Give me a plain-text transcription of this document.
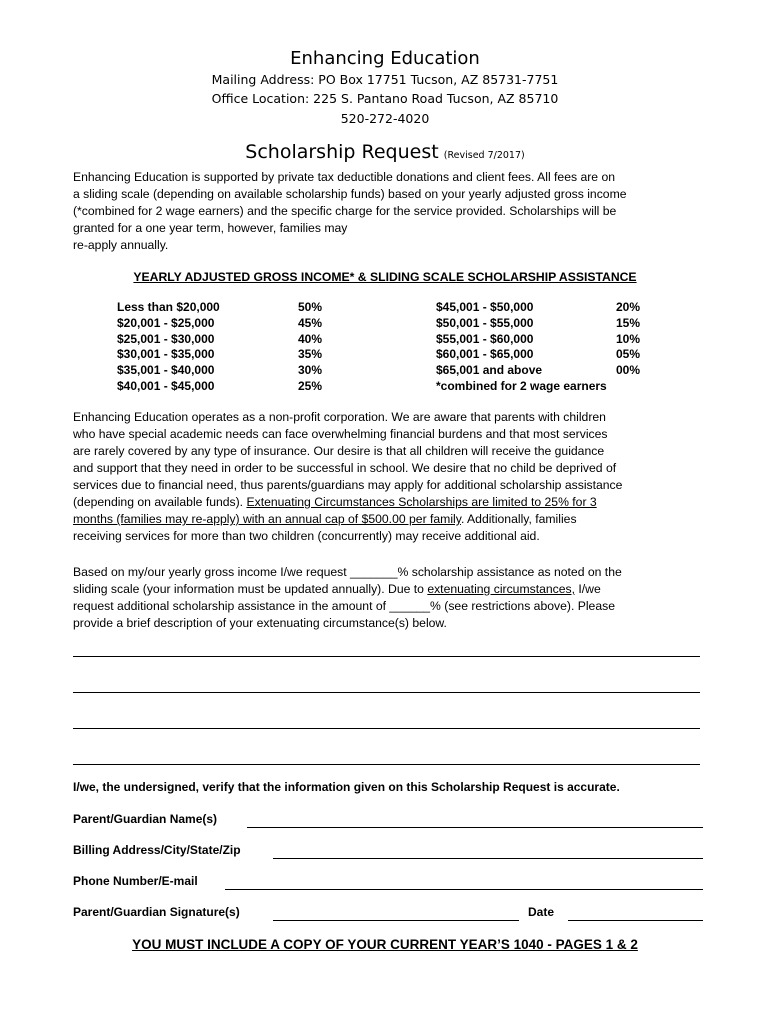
Enhancing Education
Mailing Address: PO Box 17751 Tucson, AZ 85731-7751
Office Location: 225 S. Pantano Road Tucson, AZ 85710
520-272-4020
Scholarship Request (Revised 7/2017)
Enhancing Education is supported by private tax deductible donations and client fees. All fees are on
a sliding scale (depending on available scholarship funds) based on your yearly adjusted gross income
(*combined for 2 wage earners) and the specific charge for the service provided. Scholarships will be
granted for a one year term, however, families may
re-apply annually.
YEARLY ADJUSTED GROSS INCOME* & SLIDING SCALE SCHOLARSHIP ASSISTANCE
Less than $20,000
$20,001 - $25,000
$25,001 - $30,000
$30,001 - $35,000
$35,001 - $40,000
$40,001 - $45,000
50%
45%
40%
35%
30%
25%
$45,001 - $50,000
$50,001 - $55,000
$55,001 - $60,000
$60,001 - $65,000
$65,001 and above
20%
15%
10%
05%
00%
*combined for 2 wage earners
Enhancing Education operates as a non-profit corporation. We are aware that parents with children
who have special academic needs can face overwhelming financial burdens and that most services
are rarely covered by any type of insurance. Our desire is that all children will receive the guidance
and support that they need in order to be successful in school. We desire that no child be deprived of
services due to financial need, thus parents/guardians may apply for additional scholarship assistance
(depending on available funds). Extenuating Circumstances Scholarships are limited to 25% for 3
months (families may re-apply) with an annual cap of $500.00 per family. Additionally, families
receiving services for more than two children (concurrently) may receive additional aid.
Based on my/our yearly gross income I/we request _______% scholarship assistance as noted on the
sliding scale (your information must be updated annually). Due to extenuating circumstances, I/we
request additional scholarship assistance in the amount of ______% (see restrictions above). Please
provide a brief description of your extenuating circumstance(s) below.
I/we, the undersigned, verify that the information given on this Scholarship Request is accurate.
Parent/Guardian Name(s)
Billing Address/City/State/Zip
Phone Number/E-mail
Parent/Guardian Signature(s)	Date
YOU MUST INCLUDE A COPY OF YOUR CURRENT YEAR’S 1040 - PAGES 1 & 2
